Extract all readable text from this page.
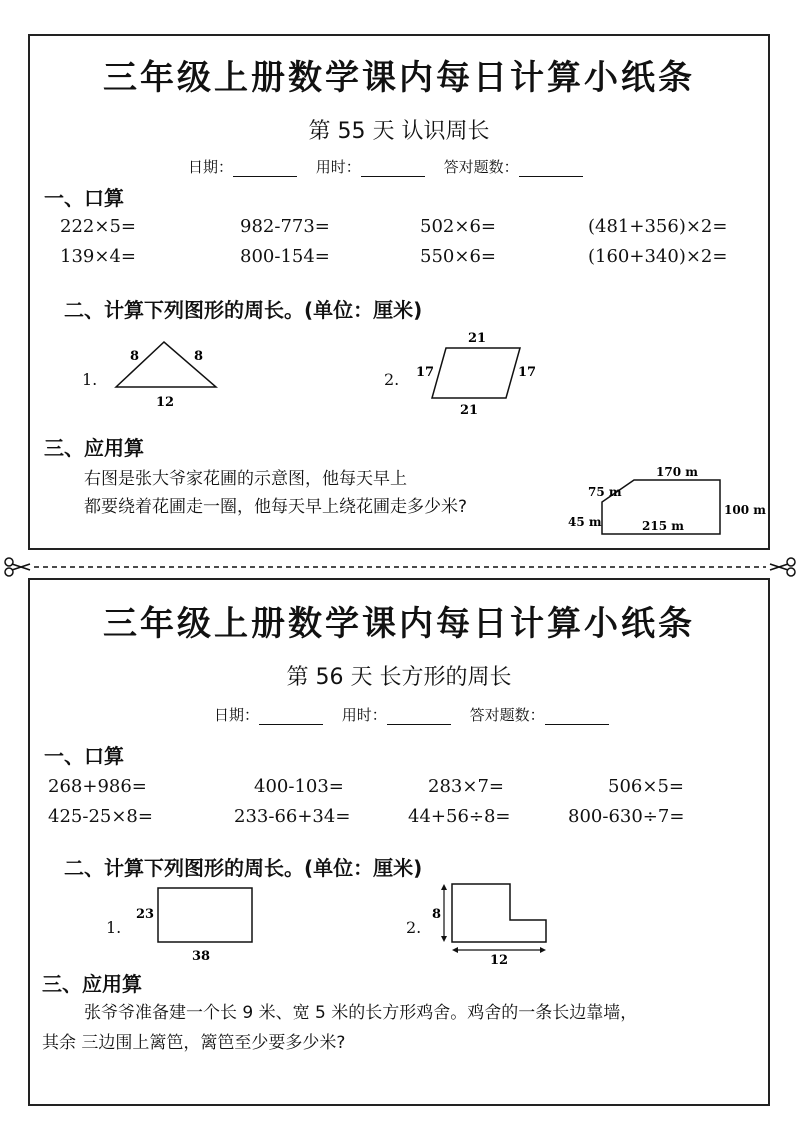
三年级上册数学课内每日计算小纸条
第 55 天 认识周长
日期：	用时：	答对题数：
一、口算
222×5=	982-773=	502×6=	(481+356)×2=
139×4=	800-154=	550×6=	(160+340)×2=
二、计算下列图形的周长。(单位：厘米)
1.
8	8
12
2.
21
21
17	17
三、应用算
右图是张大爷家花圃的示意图，他每天早上
都要绕着花圃走一圈，他每天早上绕花圃走多少米?
170 m
75 m
100 m
45 m	215 m
三年级上册数学课内每日计算小纸条
第 56 天 长方形的周长
日期：	用时：	答对题数：
一、口算
268+986=	400-103=	283×7=	506×5=
425-25×8=	233-66+34=	44+56÷8=	800-630÷7=
二、计算下列图形的周长。(单位：厘米)
1.
23
38
2.
8
12
三、应用算
张爷爷准备建一个长 9 米、宽 5 米的长方形鸡舍。鸡舍的一条长边靠墙，
其余 三边围上篱笆，篱笆至少要多少米?
